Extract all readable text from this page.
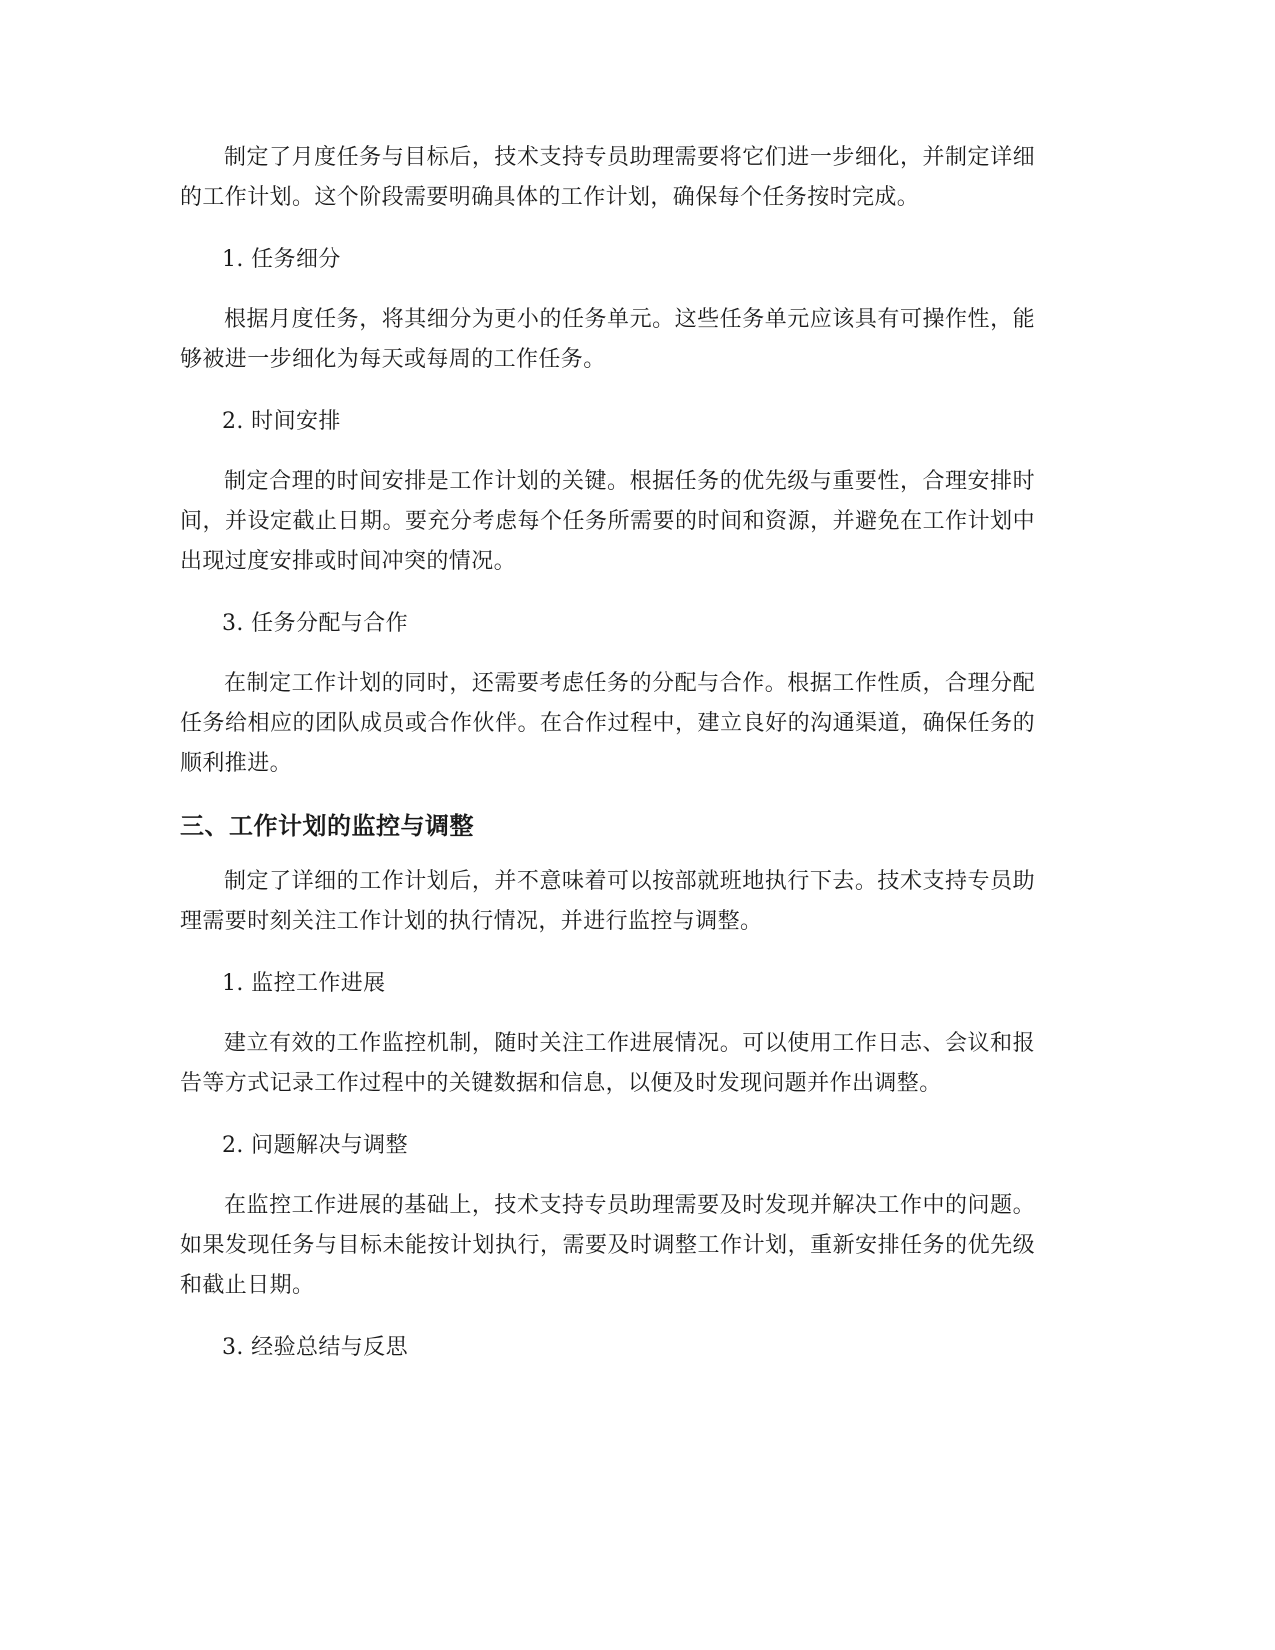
制定了月度任务与目标后，技术支持专员助理需要将它们进一步细化，并制定详细的工作计划。这个阶段需要明确具体的工作计划，确保每个任务按时完成。

1. 任务细分

根据月度任务，将其细分为更小的任务单元。这些任务单元应该具有可操作性，能够被进一步细化为每天或每周的工作任务。

2. 时间安排

制定合理的时间安排是工作计划的关键。根据任务的优先级与重要性，合理安排时间，并设定截止日期。要充分考虑每个任务所需要的时间和资源，并避免在工作计划中出现过度安排或时间冲突的情况。

3. 任务分配与合作

在制定工作计划的同时，还需要考虑任务的分配与合作。根据工作性质，合理分配任务给相应的团队成员或合作伙伴。在合作过程中，建立良好的沟通渠道，确保任务的顺利推进。

三、工作计划的监控与调整

制定了详细的工作计划后，并不意味着可以按部就班地执行下去。技术支持专员助理需要时刻关注工作计划的执行情况，并进行监控与调整。

1. 监控工作进展

建立有效的工作监控机制，随时关注工作进展情况。可以使用工作日志、会议和报告等方式记录工作过程中的关键数据和信息，以便及时发现问题并作出调整。

2. 问题解决与调整

在监控工作进展的基础上，技术支持专员助理需要及时发现并解决工作中的问题。如果发现任务与目标未能按计划执行，需要及时调整工作计划，重新安排任务的优先级和截止日期。

3. 经验总结与反思
